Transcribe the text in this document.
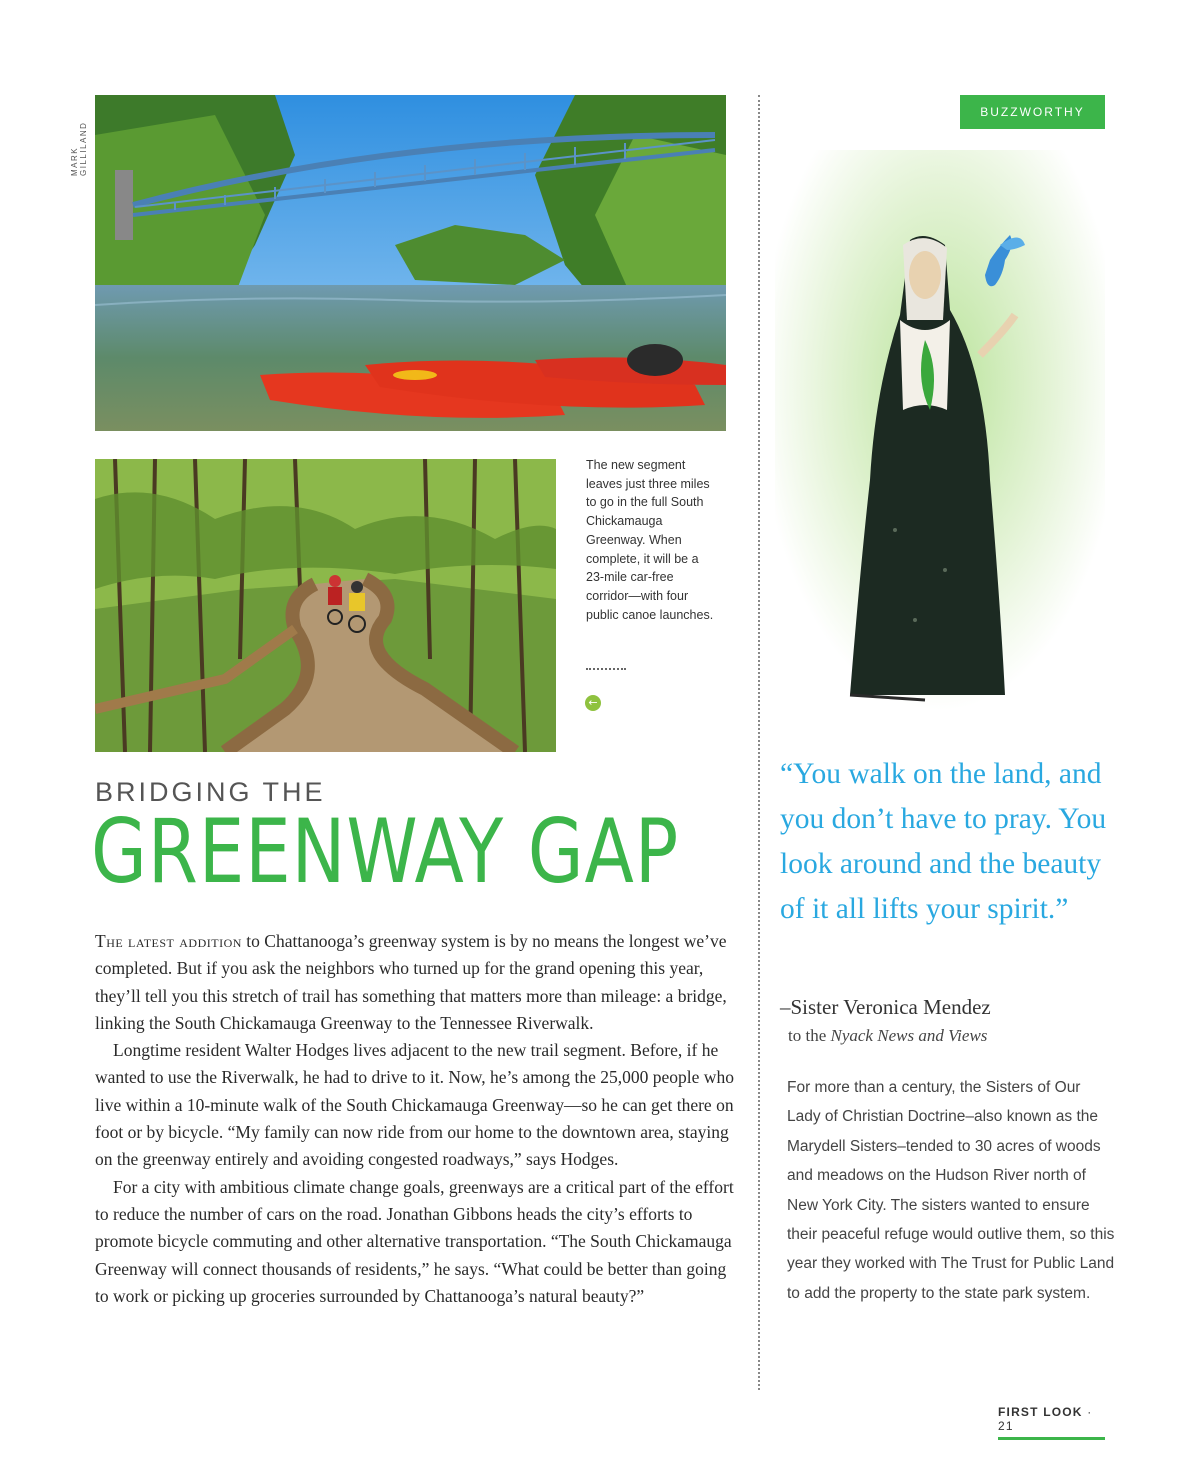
MARK GILLILAND
The new segment leaves just three miles to go in the full South Chickamauga Greenway. When complete, it will be a 23-mile car-free corridor—with four public canoe launches.
←
BRIDGING THE
GREENWAY GAP

The latest addition to Chattanooga’s greenway system is by no means the longest we’ve completed. But if you ask the neighbors who turned up for the grand opening this year, they’ll tell you this stretch of trail has something that matters more than mileage: a bridge, linking the South Chickamauga Greenway to the Tennessee Riverwalk.

Longtime resident Walter Hodges lives adjacent to the new trail segment. Before, if he wanted to use the Riverwalk, he had to drive to it. Now, he’s among the 25,000 people who live within a 10-minute walk of the South Chickamauga Greenway—so he can get there on foot or by bicycle. “My family can now ride from our home to the downtown area, staying on the greenway entirely and avoiding congested roadways,” says Hodges.

For a city with ambitious climate change goals, greenways are a critical part of the effort to reduce the number of cars on the road. Jonathan Gibbons heads the city’s efforts to promote bicycle commuting and other alternative transportation. “The South Chickamauga Greenway will connect thousands of residents,” he says. “What could be better than going to work or picking up groceries surrounded by Chattanooga’s natural beauty?”

BUZZWORTHY
“You walk on the land, and you don’t have to pray. You look around and the beauty of it all lifts your spirit.”
–Sister Veronica Mendez
to the Nyack News and Views
For more than a century, the Sisters of Our Lady of Christian Doctrine–also known as the Marydell Sisters–tended to 30 acres of woods and meadows on the Hudson River north of New York City. The sisters wanted to ensure their peaceful refuge would outlive them, so this year they worked with The Trust for Public Land to add the property to the state park system.
FIRST LOOK · 21
